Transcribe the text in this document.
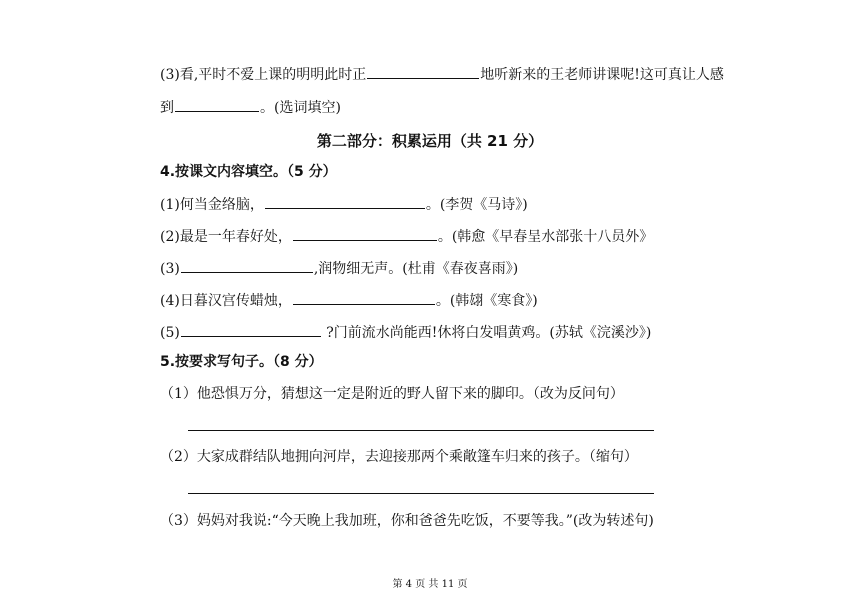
(3)看,平时不爱上课的明明此时正	地听新来的王老师讲课呢!这可真让人感
到	。(选词填空)
第二部分：积累运用（共 21 分）
4.按课文内容填空。（5 分）
(1)何当金络脑，	。(李贺《马诗》)
(2)最是一年春好处，	。(韩愈《早春呈水部张十八员外》
(3)	,润物细无声。(杜甫《春夜喜雨》)
(4)日暮汉宫传蜡烛，	。(韩翃《寒食》)
(5)	?门前流水尚能西!休将白发唱黄鸡。(苏轼《浣溪沙》)
5.按要求写句子。（8 分）
（1）他恐惧万分，猜想这一定是附近的野人留下来的脚印。（改为反问句）
（2）大家成群结队地拥向河岸，去迎接那两个乘敞篷车归来的孩子。（缩句）
（3）妈妈对我说:“今天晚上我加班，你和爸爸先吃饭，不要等我。”(改为转述句)
第 4 页 共 11 页
